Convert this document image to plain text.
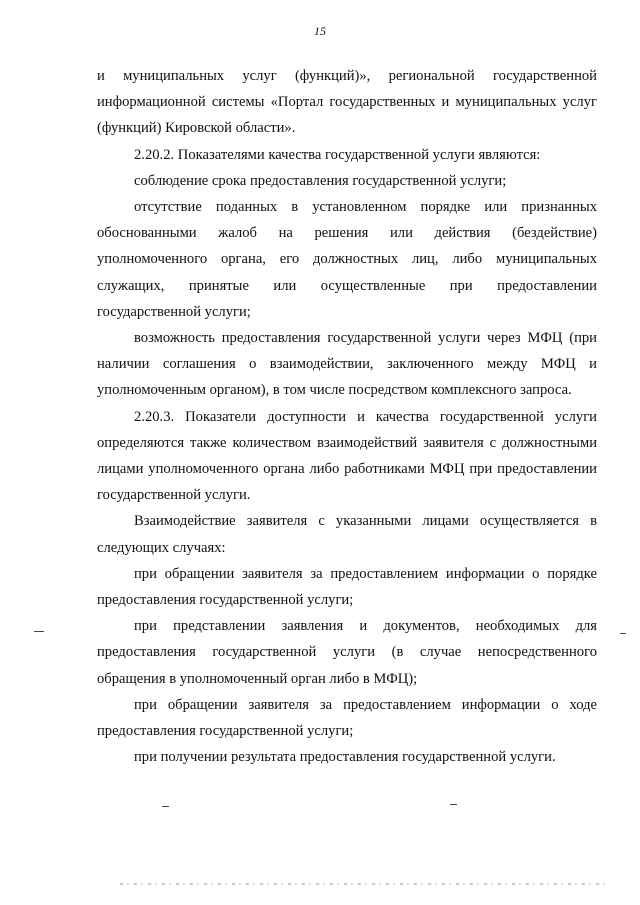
15

и муниципальных услуг (функций)», региональной государственной информационной системы «Портал государственных и муниципальных услуг (функций) Кировской области».

2.20.2. Показателями качества государственной услуги являются:

соблюдение срока предоставления государственной услуги;

отсутствие поданных в установленном порядке или признанных обоснованными жалоб на решения или действия (бездействие) уполномоченного органа, его должностных лиц, либо муниципальных служащих, принятые или осуществленные при предоставлении государственной услуги;

возможность предоставления государственной услуги через МФЦ (при наличии соглашения о взаимодействии, заключенного между МФЦ и уполномоченным органом), в том числе посредством комплексного запроса.

2.20.3. Показатели доступности и качества государственной услуги определяются также количеством взаимодействий заявителя с должностными лицами уполномоченного органа либо работниками МФЦ при предоставлении государственной услуги.

Взаимодействие заявителя с указанными лицами осуществляется в следующих случаях:

при обращении заявителя за предоставлением информации о порядке предоставления государственной услуги;

при представлении заявления и документов, необходимых для предоставления государственной услуги (в случае непосредственного обращения в уполномоченный орган либо в МФЦ);

при обращении заявителя за предоставлением информации о ходе предоставления государственной услуги;

при получении результата предоставления государственной услуги.
